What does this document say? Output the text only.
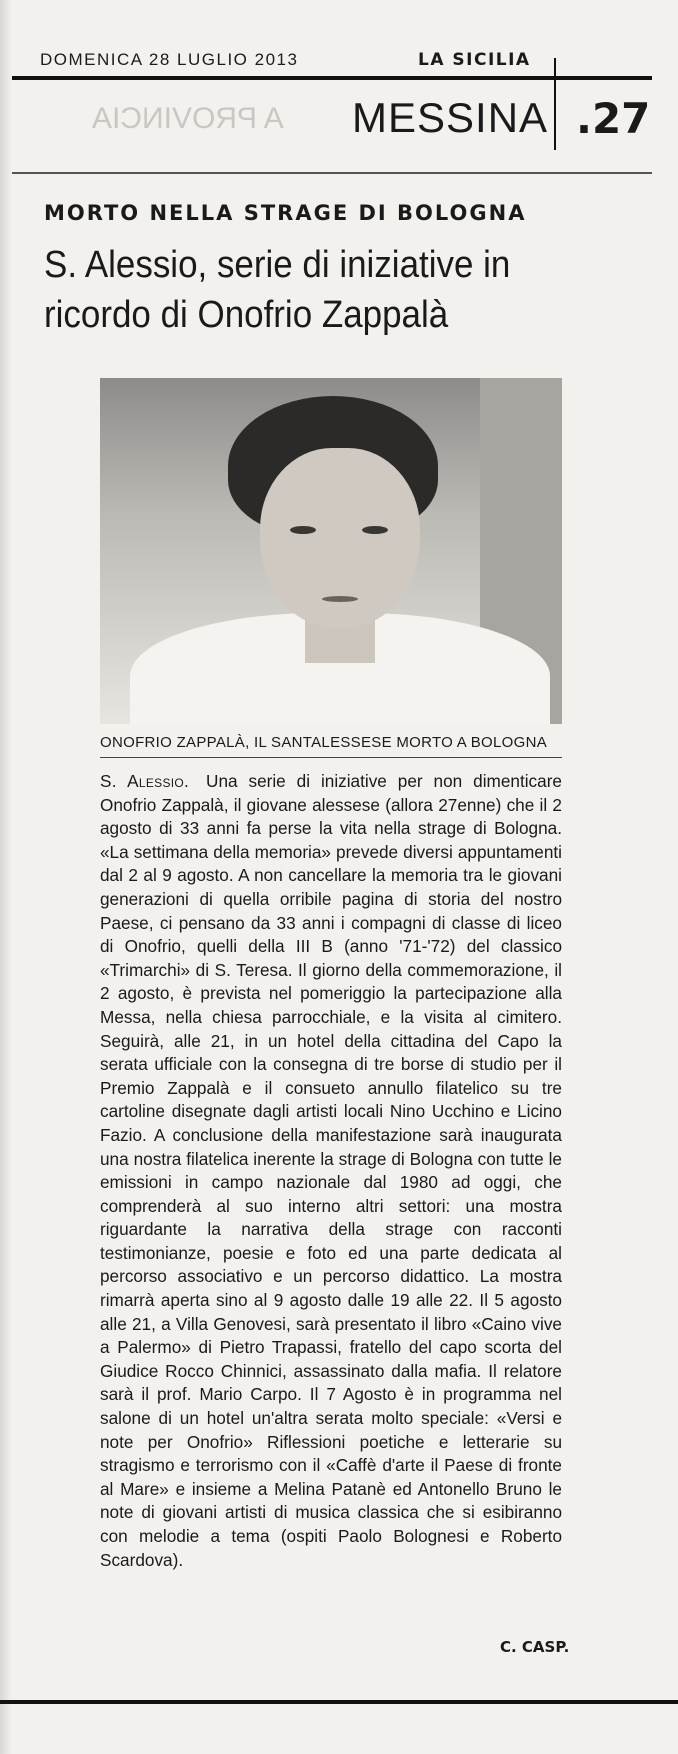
A PROVINCIA
DOMENICA 28 LUGLIO 2013	LA SICILIA
MESSINA .27
MORTO NELLA STRAGE DI BOLOGNA
S. Alessio, serie di iniziative in ricordo di Onofrio Zappalà
ONOFRIO ZAPPALÀ, IL SANTALESSESE MORTO A BOLOGNA
S. Alessio. Una serie di iniziative per non dimenticare Onofrio Zappalà, il giovane alessese (allora 27enne) che il 2 agosto di 33 anni fa perse la vita nella strage di Bologna. «La settimana della memoria» prevede diversi appuntamenti dal 2 al 9 agosto. A non cancellare la memoria tra le giovani generazioni di quella orribile pagina di storia del nostro Paese, ci pensano da 33 anni i compagni di classe di liceo di Onofrio, quelli della III B (anno '71-'72) del classico «Trimarchi» di S. Teresa. Il giorno della commemorazione, il 2 agosto, è prevista nel pomeriggio la partecipazione alla Messa, nella chiesa parrocchiale, e la visita al cimitero. Seguirà, alle 21, in un hotel della cittadina del Capo la serata ufficiale con la consegna di tre borse di studio per il Premio Zappalà e il consueto annullo filatelico su tre cartoline disegnate dagli artisti locali Nino Ucchino e Licino Fazio. A conclusione della manifestazione sarà inaugurata una nostra filatelica inerente la strage di Bologna con tutte le emissioni in campo nazionale dal 1980 ad oggi, che comprenderà al suo interno altri settori: una mostra riguardante la narrativa della strage con racconti testimonianze, poesie e foto ed una parte dedicata al percorso associativo e un percorso didattico. La mostra rimarrà aperta sino al 9 agosto dalle 19 alle 22. Il 5 agosto alle 21, a Villa Genovesi, sarà presentato il libro «Caino vive a Palermo» di Pietro Trapassi, fratello del capo scorta del Giudice Rocco Chinnici, assassinato dalla mafia. Il relatore sarà il prof. Mario Carpo. Il 7 Agosto è in programma nel salone di un hotel un'altra serata molto speciale: «Versi e note per Onofrio» Riflessioni poetiche e letterarie su stragismo e terrorismo con il «Caffè d'arte il Paese di fronte al Mare» e insieme a Melina Patanè ed Antonello Bruno le note di giovani artisti di musica classica che si esibiranno con melodie a tema (ospiti Paolo Bolognesi e Roberto Scardova).
C. CASP.
